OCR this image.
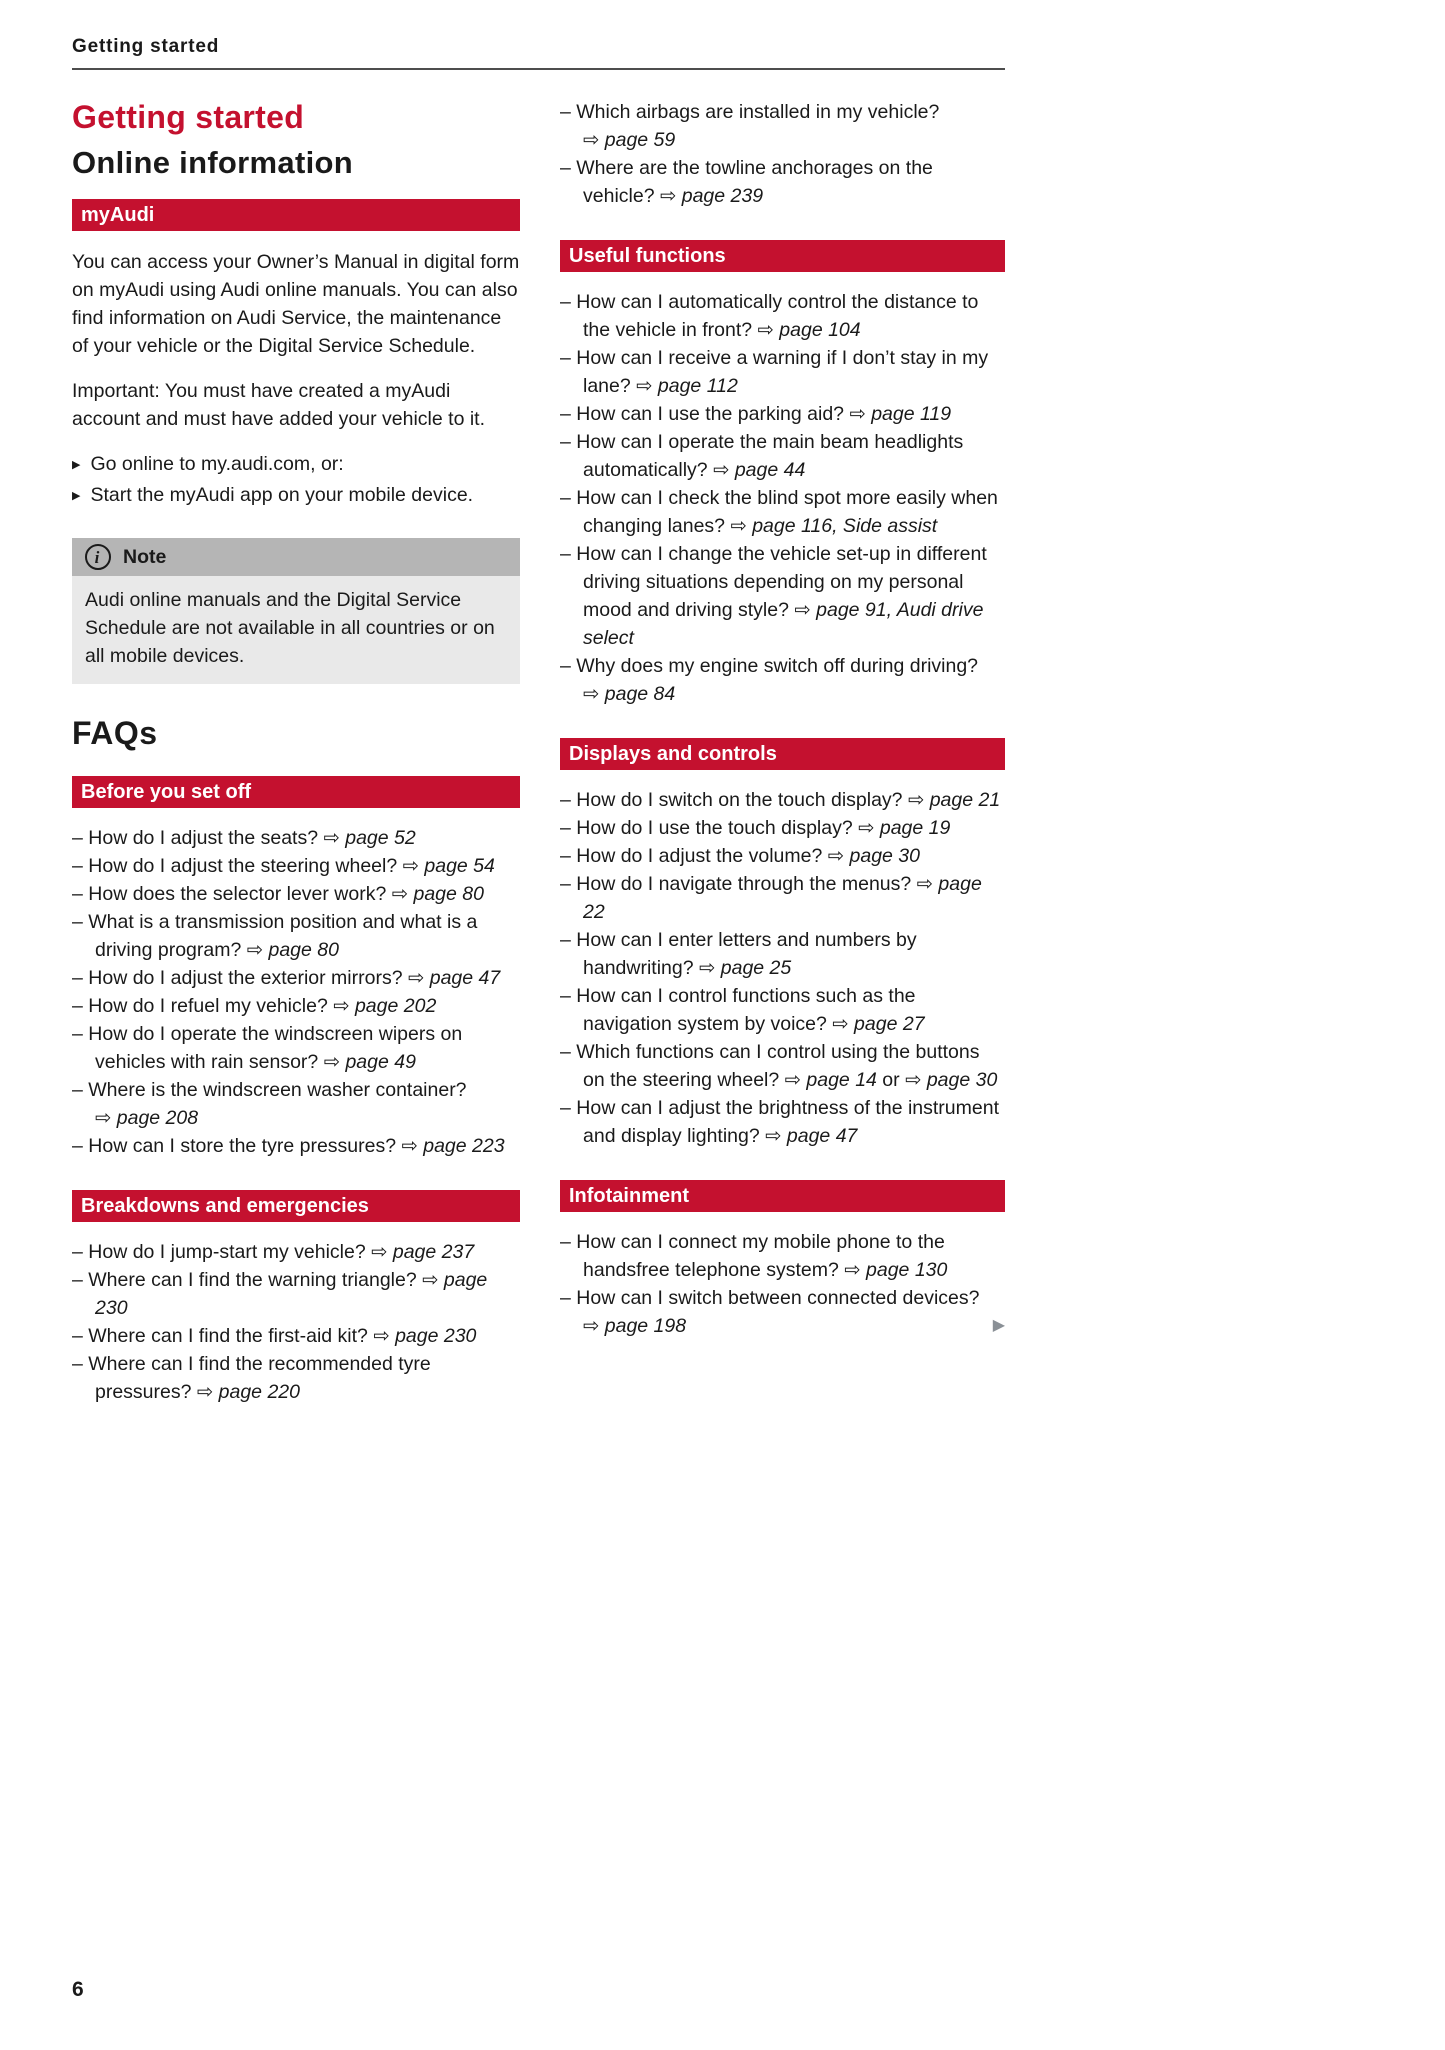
Getting started
Getting started
Online information
myAudi

You can access your Owner’s Manual in digital form on myAudi using Audi online manuals. You can also find information on Audi Service, the maintenance of your vehicle or the Digital Service Schedule.

Important: You must have created a myAudi account and must have added your vehicle to it.

▶ Go online to my.audi.com, or:
▶ Start the myAudi app on your mobile device.
i	Note
Audi online manuals and the Digital Service Schedule are not available in all countries or on all mobile devices.
FAQs
Before you set off
– How do I adjust the seats? ⇨ page 52
– How do I adjust the steering wheel? ⇨ page 54
– How does the selector lever work? ⇨ page 80
– What is a transmission position and what is a driving program? ⇨ page 80
– How do I adjust the exterior mirrors? ⇨ page 47
– How do I refuel my vehicle? ⇨ page 202
– How do I operate the windscreen wipers on vehicles with rain sensor? ⇨ page 49
– Where is the windscreen washer container? ⇨ page 208
– How can I store the tyre pressures? ⇨ page 223
Breakdowns and emergencies
– How do I jump-start my vehicle? ⇨ page 237
– Where can I find the warning triangle? ⇨ page 230
– Where can I find the first-aid kit? ⇨ page 230
– Where can I find the recommended tyre pressures? ⇨ page 220
– Which airbags are installed in my vehicle? ⇨ page 59
– Where are the towline anchorages on the vehicle? ⇨ page 239
Useful functions
– How can I automatically control the distance to the vehicle in front? ⇨ page 104
– How can I receive a warning if I don’t stay in my lane? ⇨ page 112
– How can I use the parking aid? ⇨ page 119
– How can I operate the main beam headlights automatically? ⇨ page 44
– How can I check the blind spot more easily when changing lanes? ⇨ page 116, Side assist
– How can I change the vehicle set-up in different driving situations depending on my personal mood and driving style? ⇨ page 91, Audi drive select
– Why does my engine switch off during driving? ⇨ page 84
Displays and controls
– How do I switch on the touch display? ⇨ page 21
– How do I use the touch display? ⇨ page 19
– How do I adjust the volume? ⇨ page 30
– How do I navigate through the menus? ⇨ page 22
– How can I enter letters and numbers by handwriting? ⇨ page 25
– How can I control functions such as the navigation system by voice? ⇨ page 27
– Which functions can I control using the buttons on the steering wheel? ⇨ page 14 or ⇨ page 30
– How can I adjust the brightness of the instrument and display lighting? ⇨ page 47
Infotainment
– How can I connect my mobile phone to the handsfree telephone system? ⇨ page 130
– How can I switch between connected devices? ⇨ page 198	▶
6
